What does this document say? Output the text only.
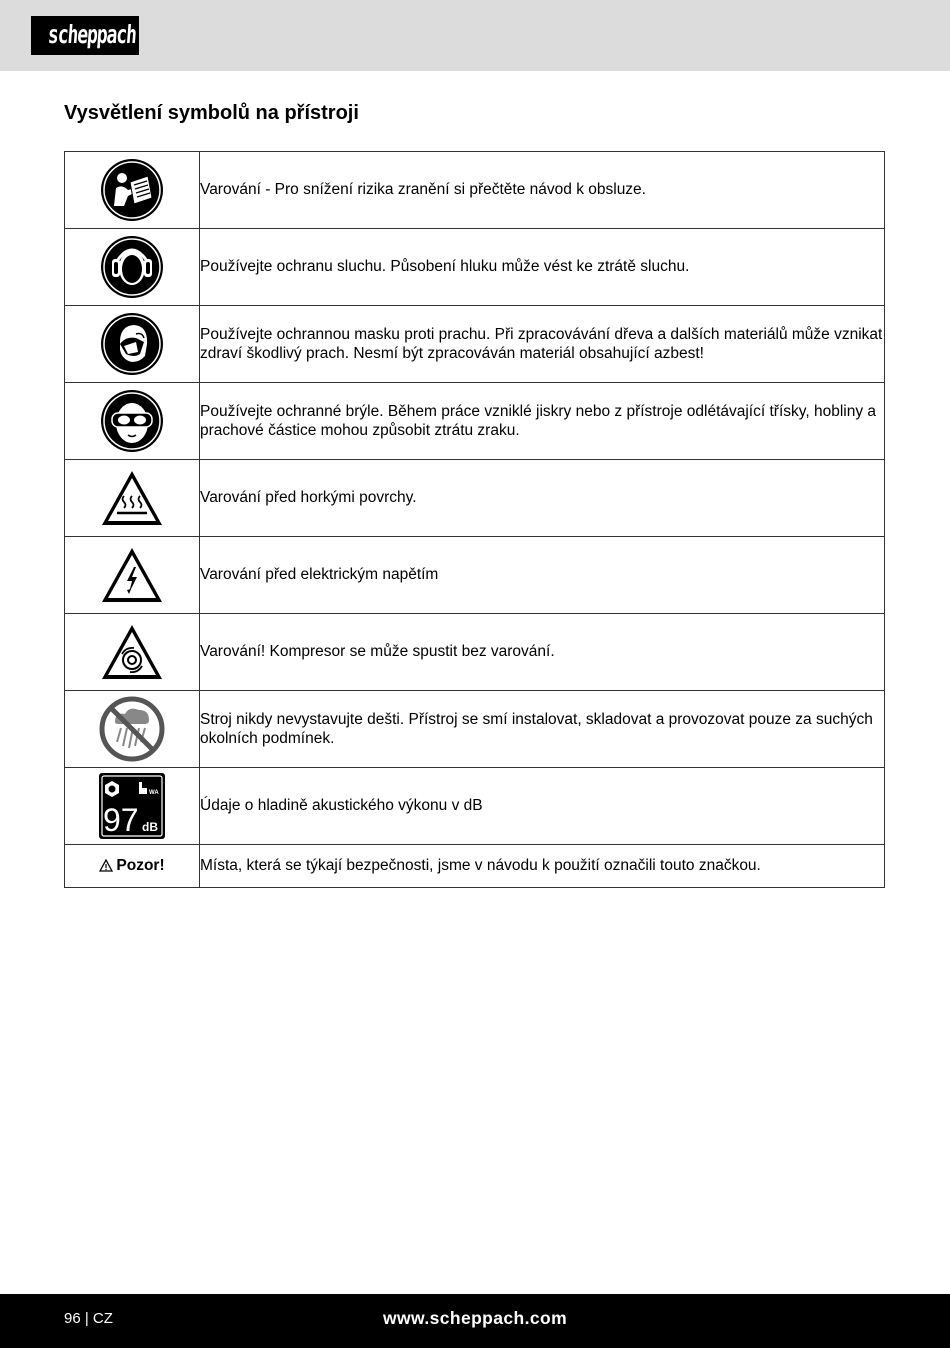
scheppach
Vysvětlení symbolů na přístroji
	Varování - Pro snížení rizika zranění si přečtěte návod k obsluze.

	Používejte ochranu sluchu. Působení hluku může vést ke ztrátě sluchu.

	Používejte ochrannou masku proti prachu. Při zpracovávání dřeva a dalších materiálů může vznikat zdraví škodlivý prach. Nesmí být zpracováván materiál obsahující azbest!

	Používejte ochranné brýle. Během práce vzniklé jiskry nebo z přístroje odlétávající třísky, hobliny a prachové částice mohou způsobit ztrátu zraku.

	Varování před horkými povrchy.

	Varování před elektrickým napětím

	Varování! Kompresor se může spustit bez varování.

	Stroj nikdy nevystavujte dešti. Přístroj se smí instalovat, skladovat a provozovat pouze za suchých okolních podmínek.

WA
97 dB	Údaje o hladině akustického výkonu v dB
Pozor!	Místa, která se týkají bezpečnosti, jsme v návodu k použití označili touto značkou.
96 | CZ	www.scheppach.com
